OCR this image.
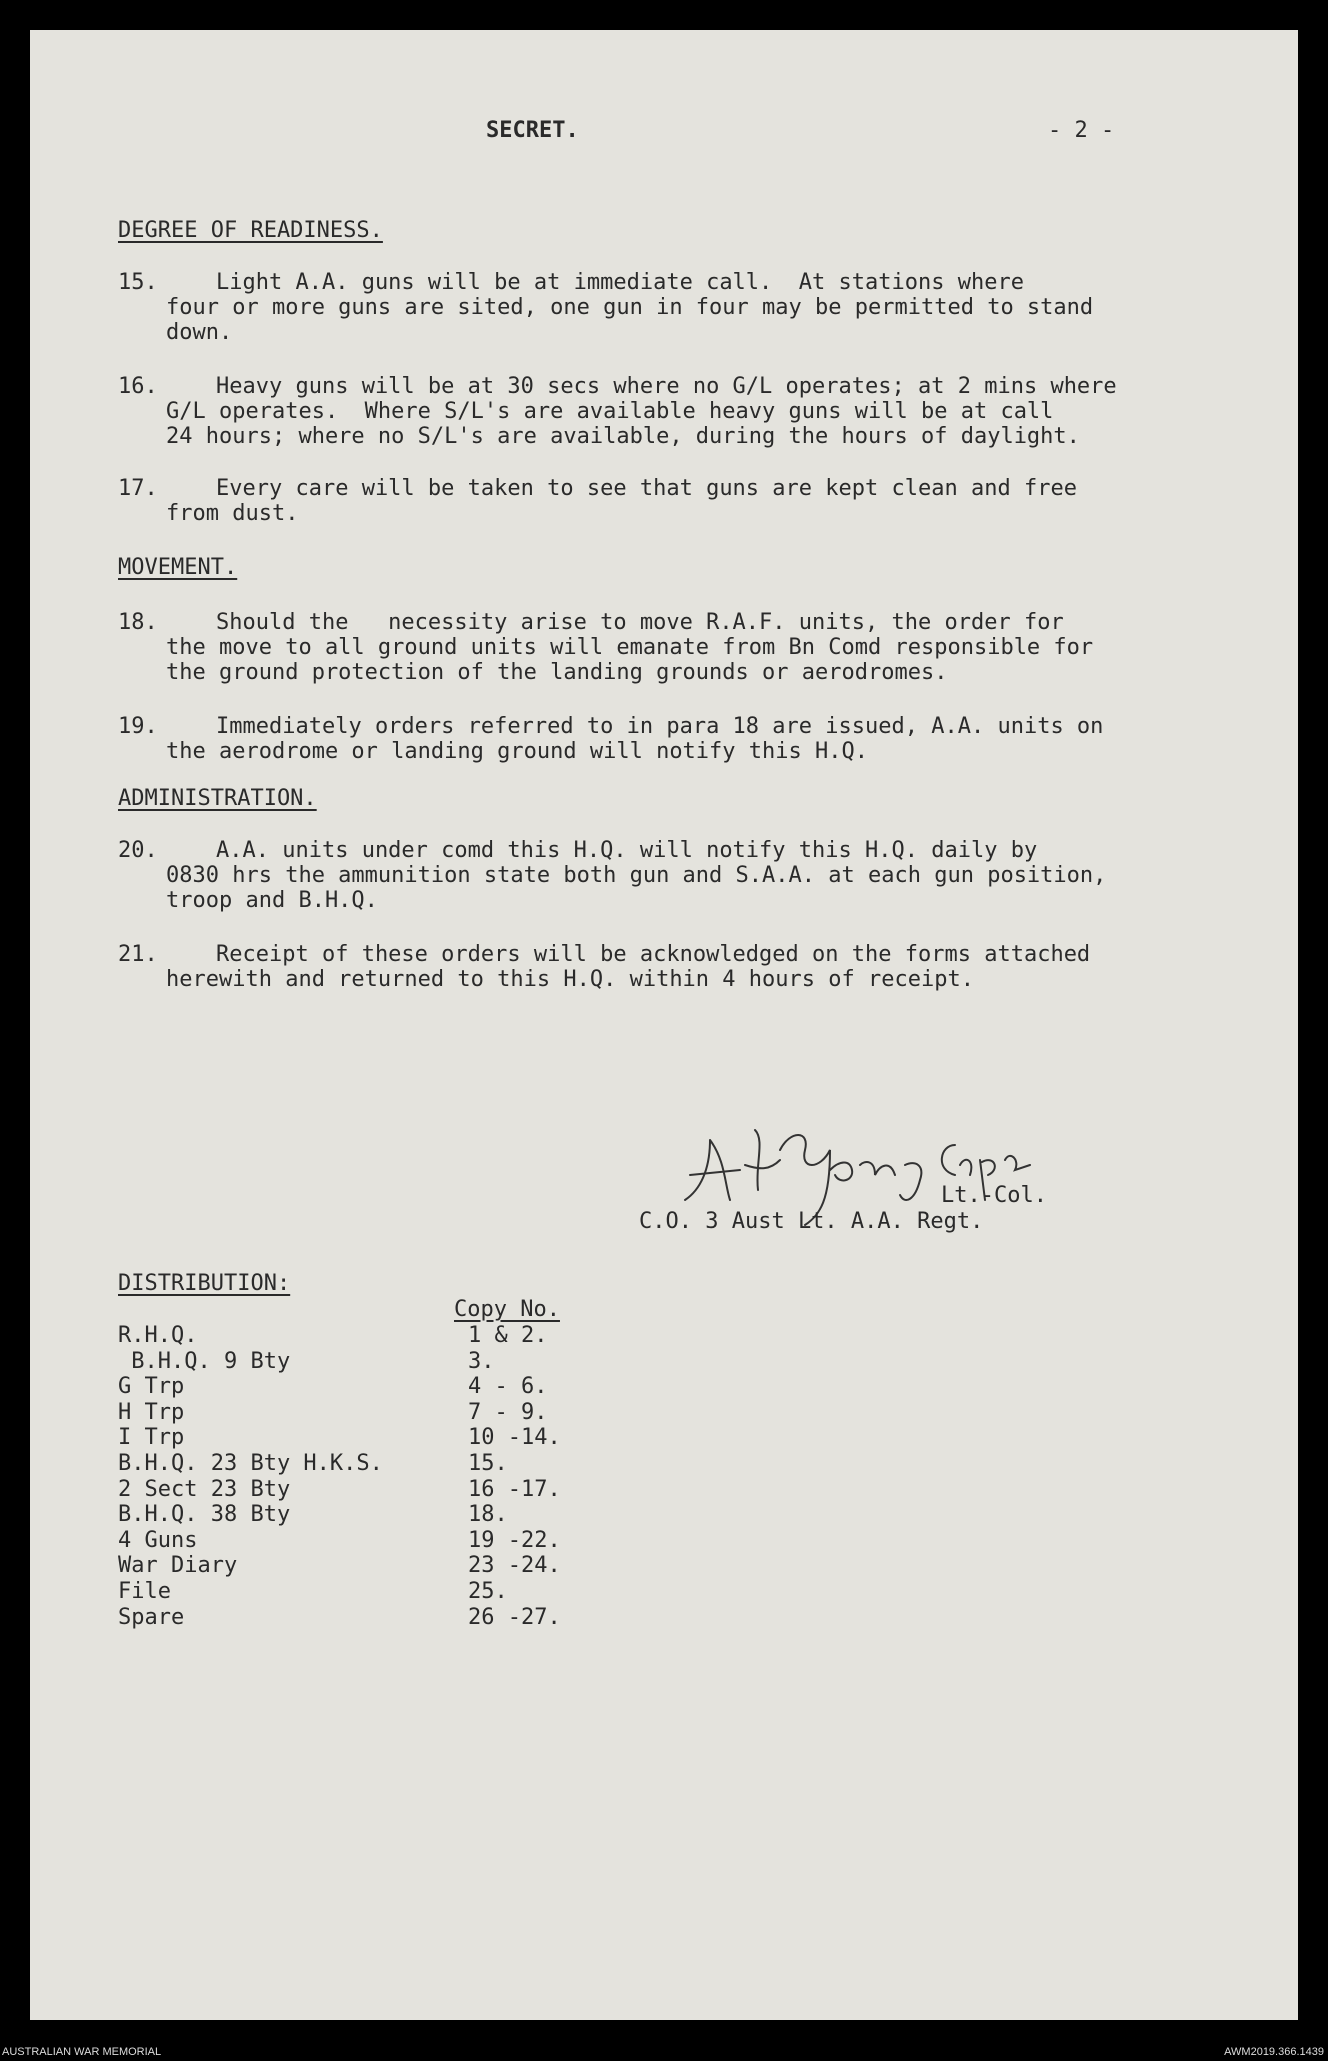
SECRET.	- 2 -
DEGREE OF READINESS.
15.	Light A.A. guns will be at immediate call.  At stations where
four or more guns are sited, one gun in four may be permitted to stand
down.
16.	Heavy guns will be at 30 secs where no G/L operates; at 2 mins where
G/L operates.  Where S/L's are available heavy guns will be at call
24 hours; where no S/L's are available, during the hours of daylight.
17.	Every care will be taken to see that guns are kept clean and free
from dust.
MOVEMENT.
18.	Should the   necessity arise to move R.A.F. units, the order for
the move to all ground units will emanate from Bn Comd responsible for
the ground protection of the landing grounds or aerodromes.
19.	Immediately orders referred to in para 18 are issued, A.A. units on
the aerodrome or landing ground will notify this H.Q.
ADMINISTRATION.
20.	A.A. units under comd this H.Q. will notify this H.Q. daily by
0830 hrs the ammunition state both gun and S.A.A. at each gun position,
troop and B.H.Q.
21.	Receipt of these orders will be acknowledged on the forms attached
herewith and returned to this H.Q. within 4 hours of receipt.
Lt.-Col.
C.O. 3 Aust Lt. A.A. Regt.
DISTRIBUTION:
Copy No.
R.H.Q.	1 & 2.
B.H.Q. 9 Bty	3.
G Trp	4 - 6.
H Trp	7 - 9.
I Trp	10 -14.
B.H.Q. 23 Bty H.K.S.	15.
2 Sect 23 Bty	16 -17.
B.H.Q. 38 Bty	18.
4 Guns	19 -22.
War Diary	23 -24.
File	25.
Spare	26 -27.
AUSTRALIAN WAR MEMORIAL	AWM2019.366.1439
